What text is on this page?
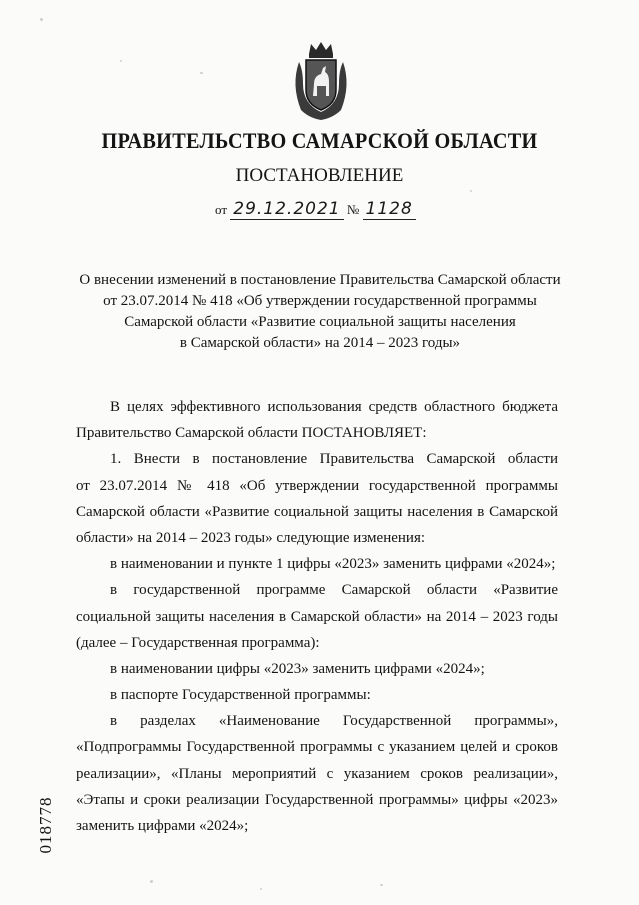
ПРАВИТЕЛЬСТВО САМАРСКОЙ ОБЛАСТИ
ПОСТАНОВЛЕНИЕ
от 29.12.2021 № 1128
О внесении изменений в постановление Правительства Самарской области
от 23.07.2014 № 418 «Об утверждении государственной программы
Самарской области «Развитие социальной защиты населения
в Самарской области» на 2014 – 2023 годы»
В целях эффективного использования средств областного бюджета
Правительство Самарской области ПОСТАНОВЛЯЕТ:
1. Внести в постановление Правительства Самарской области
от 23.07.2014 № 418 «Об утверждении государственной программы
Самарской области «Развитие социальной защиты населения в Самарской
области» на 2014 – 2023 годы» следующие изменения:
в наименовании и пункте 1 цифры «2023» заменить цифрами «2024»;
в государственной программе Самарской области «Развитие
социальной защиты населения в Самарской области» на 2014 – 2023 годы
(далее – Государственная программа):
в наименовании цифры «2023» заменить цифрами «2024»;
в паспорте Государственной программы:
в разделах «Наименование Государственной программы»,
«Подпрограммы Государственной программы с указанием целей и сроков
реализации», «Планы мероприятий с указанием сроков реализации»,
«Этапы и сроки реализации Государственной программы» цифры «2023»
заменить цифрами «2024»;
018778
